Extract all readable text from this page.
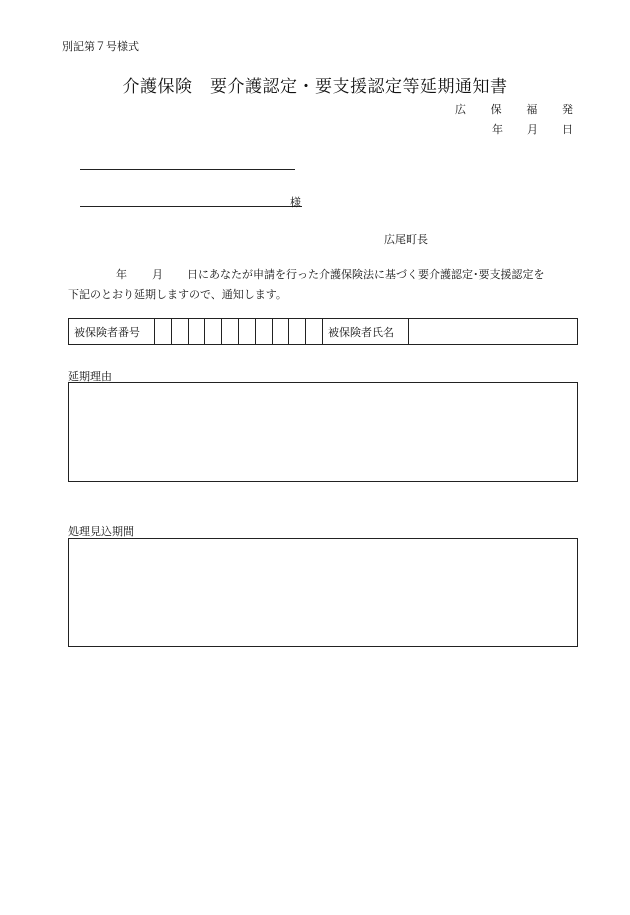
別記第７号様式
介護保険　要介護認定・要支援認定等延期通知書
広 保 福 発
年 月 日
様
広尾町長
年 月 日にあなたが申請を行った介護保険法に基づく要介護認定･要支援認定を
下記のとおり延期しますので、通知します。
被保険者番号	被保険者氏名
延期理由
処理見込期間
